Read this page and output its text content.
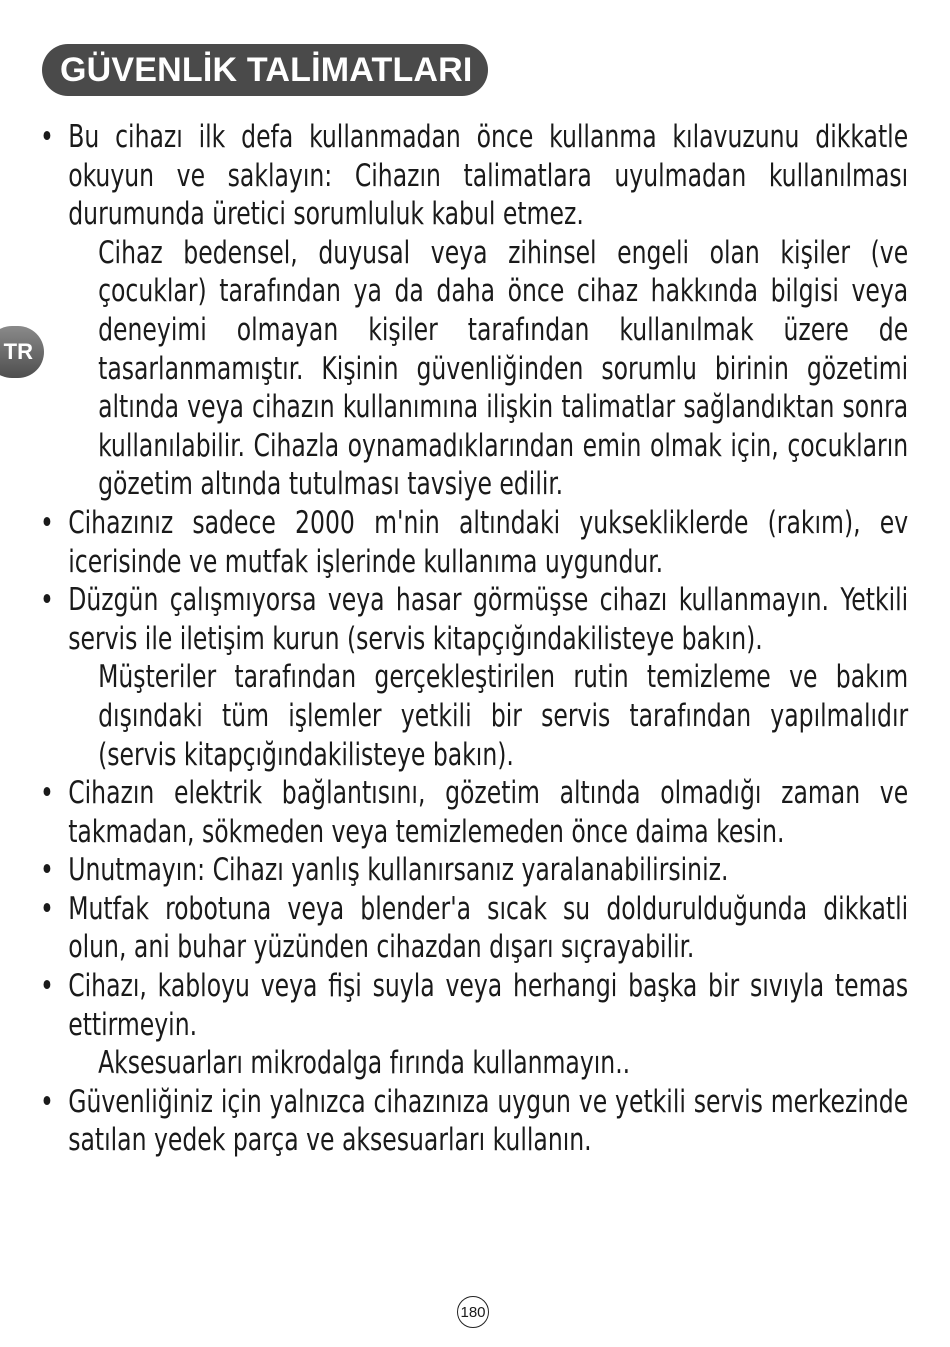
GÜVENLİK TALİMATLARI
TR
• Bu cihazı ilk defa kullanmadan önce kullanma kılavuzunu dikkatle okuyun ve saklayın: Cihazın talimatlara uyulmadan kullanılması durumunda üretici sorumluluk kabul etmez.
Cihaz bedensel, duyusal veya zihinsel engeli olan kişiler (ve çocuklar) tarafından ya da daha önce cihaz hakkında bilgisi veya deneyimi olmayan kişiler tarafından kullanılmak üzere de tasarlanmamıştır. Kişinin güvenliğinden sorumlu birinin gözetimi altında veya cihazın kullanımına ilişkin talimatlar sağlandıktan sonra kullanılabilir. Cihazla oynamadıklarından emin olmak için, çocukların gözetim altında tutulması tavsiye edilir.
• Cihazınız sadece 2000 m'nin altındaki yuksekliklerde (rakım), ev icerisinde ve mutfak işlerinde kullanıma uygundur.
• Düzgün çalışmıyorsa veya hasar görmüşse cihazı kullanmayın. Yetkili servis ile iletişim kurun (servis kitapçığındakilisteye bakın).
Müşteriler tarafından gerçekleştirilen rutin temizleme ve bakım dışındaki tüm işlemler yetkili bir servis tarafından yapılmalıdır (servis kitapçığındakilisteye bakın).
• Cihazın elektrik bağlantısını, gözetim altında olmadığı zaman ve takmadan, sökmeden veya temizlemeden önce daima kesin.
• Unutmayın: Cihazı yanlış kullanırsanız yaralanabilirsiniz.
• Mutfak robotuna veya blender'a sıcak su doldurulduğunda dikkatli olun, ani buhar yüzünden cihazdan dışarı sıçrayabilir.
• Cihazı, kabloyu veya fişi suyla veya herhangi başka bir sıvıyla temas ettirmeyin.
Aksesuarları mikrodalga fırında kullanmayın..
• Güvenliğiniz için yalnızca cihazınıza uygun ve yetkili servis merkezinde satılan yedek parça ve aksesuarları kullanın.
180
